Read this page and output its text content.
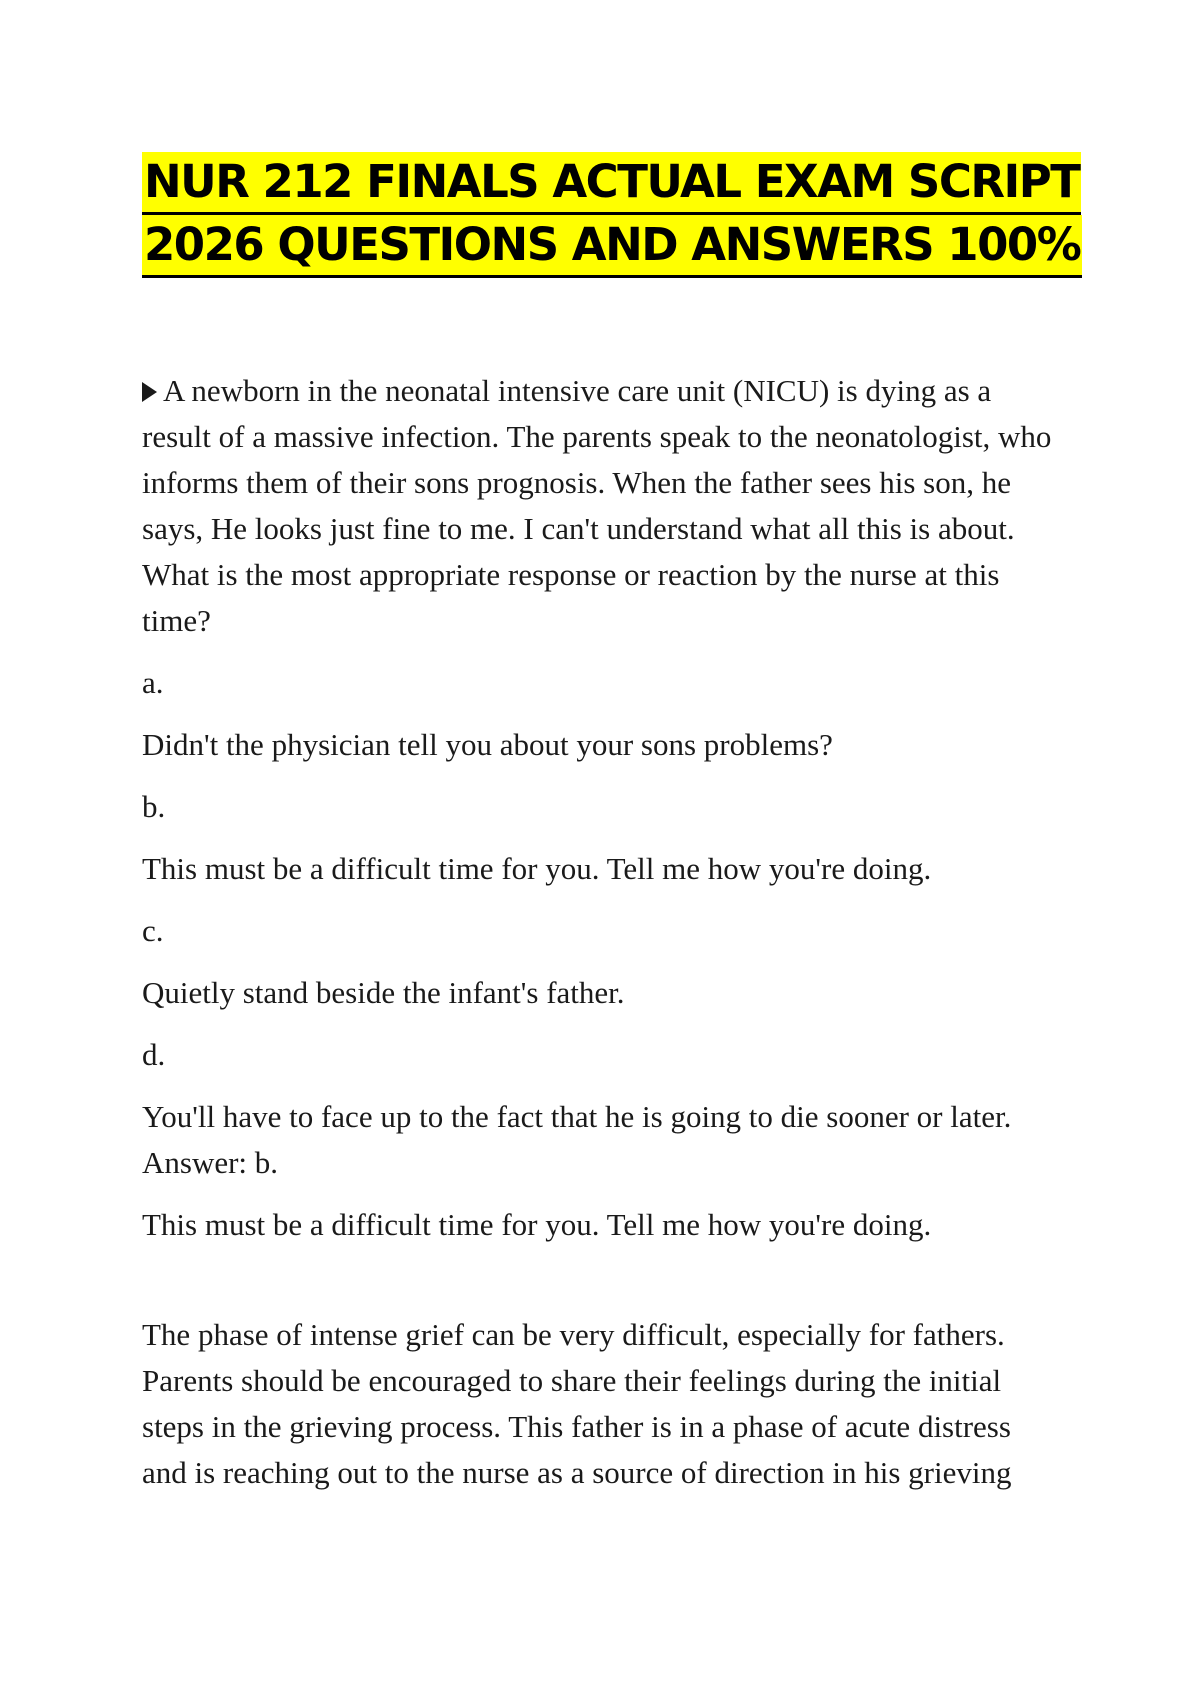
NUR 212 FINALS ACTUAL EXAM SCRIPT
2026 QUESTIONS AND ANSWERS 100%

A newborn in the neonatal intensive care unit (NICU) is dying as a result of a massive infection. The parents speak to the neonatologist, who informs them of their sons prognosis. When the father sees his son, he says, He looks just fine to me. I can't understand what all this is about. What is the most appropriate response or reaction by the nurse at this time?

a.

Didn't the physician tell you about your sons problems?

b.

This must be a difficult time for you. Tell me how you're doing.

c.

Quietly stand beside the infant's father.

d.

You'll have to face up to the fact that he is going to die sooner or later.

Answer: b.

This must be a difficult time for you. Tell me how you're doing.

The phase of intense grief can be very difficult, especially for fathers. Parents should be encouraged to share their feelings during the initial steps in the grieving process. This father is in a phase of acute distress and is reaching out to the nurse as a source of direction in his grieving
